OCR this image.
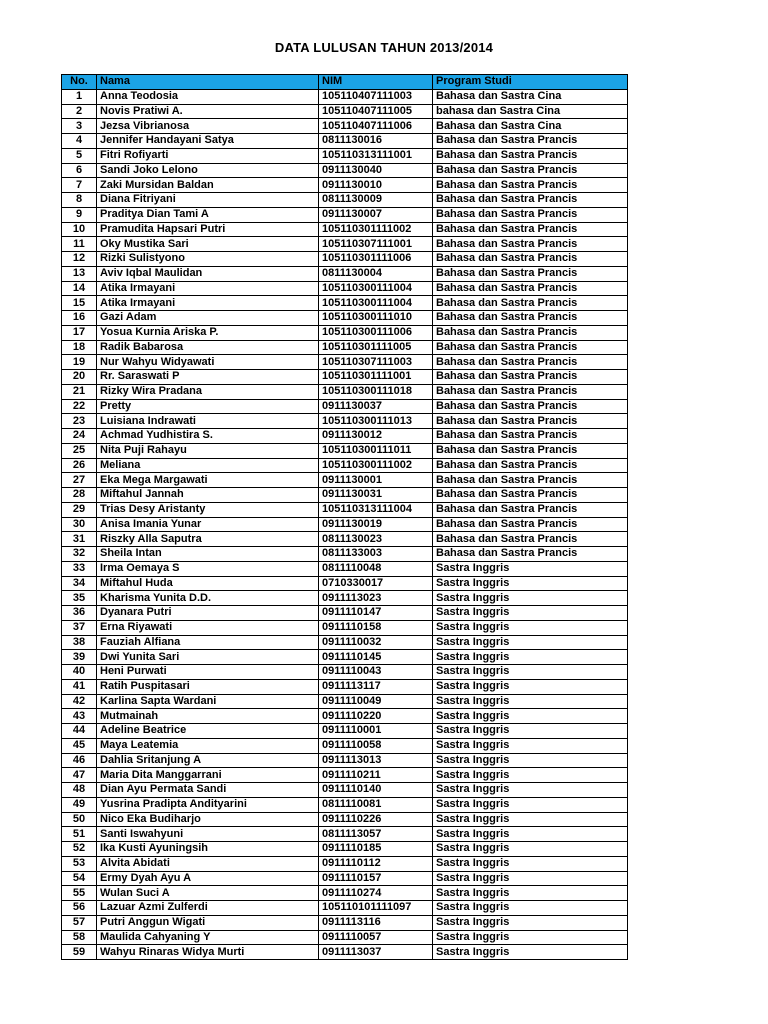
DATA LULUSAN TAHUN 2013/2014
No.	Nama	NIM	Program Studi
1	Anna Teodosia	105110407111003	Bahasa dan Sastra Cina
2	Novis Pratiwi A.	105110407111005	bahasa dan Sastra Cina
3	Jezsa Vibrianosa	105110407111006	Bahasa dan Sastra Cina
4	Jennifer Handayani Satya	0811130016	Bahasa dan Sastra Prancis
5	Fitri Rofiyarti	105110313111001	Bahasa dan Sastra Prancis
6	Sandi Joko Lelono	0911130040	Bahasa dan Sastra Prancis
7	Zaki Mursidan Baldan	0911130010	Bahasa dan Sastra Prancis
8	Diana Fitriyani	0811130009	Bahasa dan Sastra Prancis
9	Praditya Dian Tami A	0911130007	Bahasa dan Sastra Prancis
10	Pramudita Hapsari Putri	105110301111002	Bahasa dan Sastra Prancis
11	Oky Mustika Sari	105110307111001	Bahasa dan Sastra Prancis
12	Rizki Sulistyono	105110301111006	Bahasa dan Sastra Prancis
13	Aviv Iqbal Maulidan	0811130004	Bahasa dan Sastra Prancis
14	Atika Irmayani	105110300111004	Bahasa dan Sastra Prancis
15	Atika Irmayani	105110300111004	Bahasa dan Sastra Prancis
16	Gazi Adam	105110300111010	Bahasa dan Sastra Prancis
17	Yosua Kurnia Ariska P.	105110300111006	Bahasa dan Sastra Prancis
18	Radik Babarosa	105110301111005	Bahasa dan Sastra Prancis
19	Nur Wahyu Widyawati	105110307111003	Bahasa dan Sastra Prancis
20	Rr. Saraswati P	105110301111001	Bahasa dan Sastra Prancis
21	Rizky Wira Pradana	105110300111018	Bahasa dan Sastra Prancis
22	Pretty	0911130037	Bahasa dan Sastra Prancis
23	Luisiana Indrawati	105110300111013	Bahasa dan Sastra Prancis
24	Achmad Yudhistira S.	0911130012	Bahasa dan Sastra Prancis
25	Nita Puji Rahayu	105110300111011	Bahasa dan Sastra Prancis
26	Meliana	105110300111002	Bahasa dan Sastra Prancis
27	Eka Mega Margawati	0911130001	Bahasa dan Sastra Prancis
28	Miftahul Jannah	0911130031	Bahasa dan Sastra Prancis
29	Trias Desy Aristanty	105110313111004	Bahasa dan Sastra Prancis
30	Anisa Imania Yunar	0911130019	Bahasa dan Sastra Prancis
31	Riszky Alla Saputra	0811130023	Bahasa dan Sastra Prancis
32	Sheila Intan	0811133003	Bahasa dan Sastra Prancis
33	Irma Oemaya S	0811110048	Sastra Inggris
34	Miftahul Huda	0710330017	Sastra Inggris
35	Kharisma Yunita D.D.	0911113023	Sastra Inggris
36	Dyanara Putri	0911110147	Sastra Inggris
37	Erna Riyawati	0911110158	Sastra Inggris
38	Fauziah Alfiana	0911110032	Sastra Inggris
39	Dwi Yunita Sari	0911110145	Sastra Inggris
40	Heni Purwati	0911110043	Sastra Inggris
41	Ratih Puspitasari	0911113117	Sastra Inggris
42	Karlina Sapta Wardani	0911110049	Sastra Inggris
43	Mutmainah	0911110220	Sastra Inggris
44	Adeline Beatrice	0911110001	Sastra Inggris
45	Maya Leatemia	0911110058	Sastra Inggris
46	Dahlia Sritanjung A	0911113013	Sastra Inggris
47	Maria Dita Manggarrani	0911110211	Sastra Inggris
48	Dian Ayu Permata Sandi	0911110140	Sastra Inggris
49	Yusrina Pradipta Andityarini	0811110081	Sastra Inggris
50	Nico Eka Budiharjo	0911110226	Sastra Inggris
51	Santi Iswahyuni	0811113057	Sastra Inggris
52	Ika Kusti Ayuningsih	0911110185	Sastra Inggris
53	Alvita Abidati	0911110112	Sastra Inggris
54	Ermy Dyah Ayu A	0911110157	Sastra Inggris
55	Wulan Suci A	0911110274	Sastra Inggris
56	Lazuar Azmi Zulferdi	105110101111097	Sastra Inggris
57	Putri Anggun Wigati	0911113116	Sastra Inggris
58	Maulida Cahyaning Y	0911110057	Sastra Inggris
59	Wahyu Rinaras Widya Murti	0911113037	Sastra Inggris
